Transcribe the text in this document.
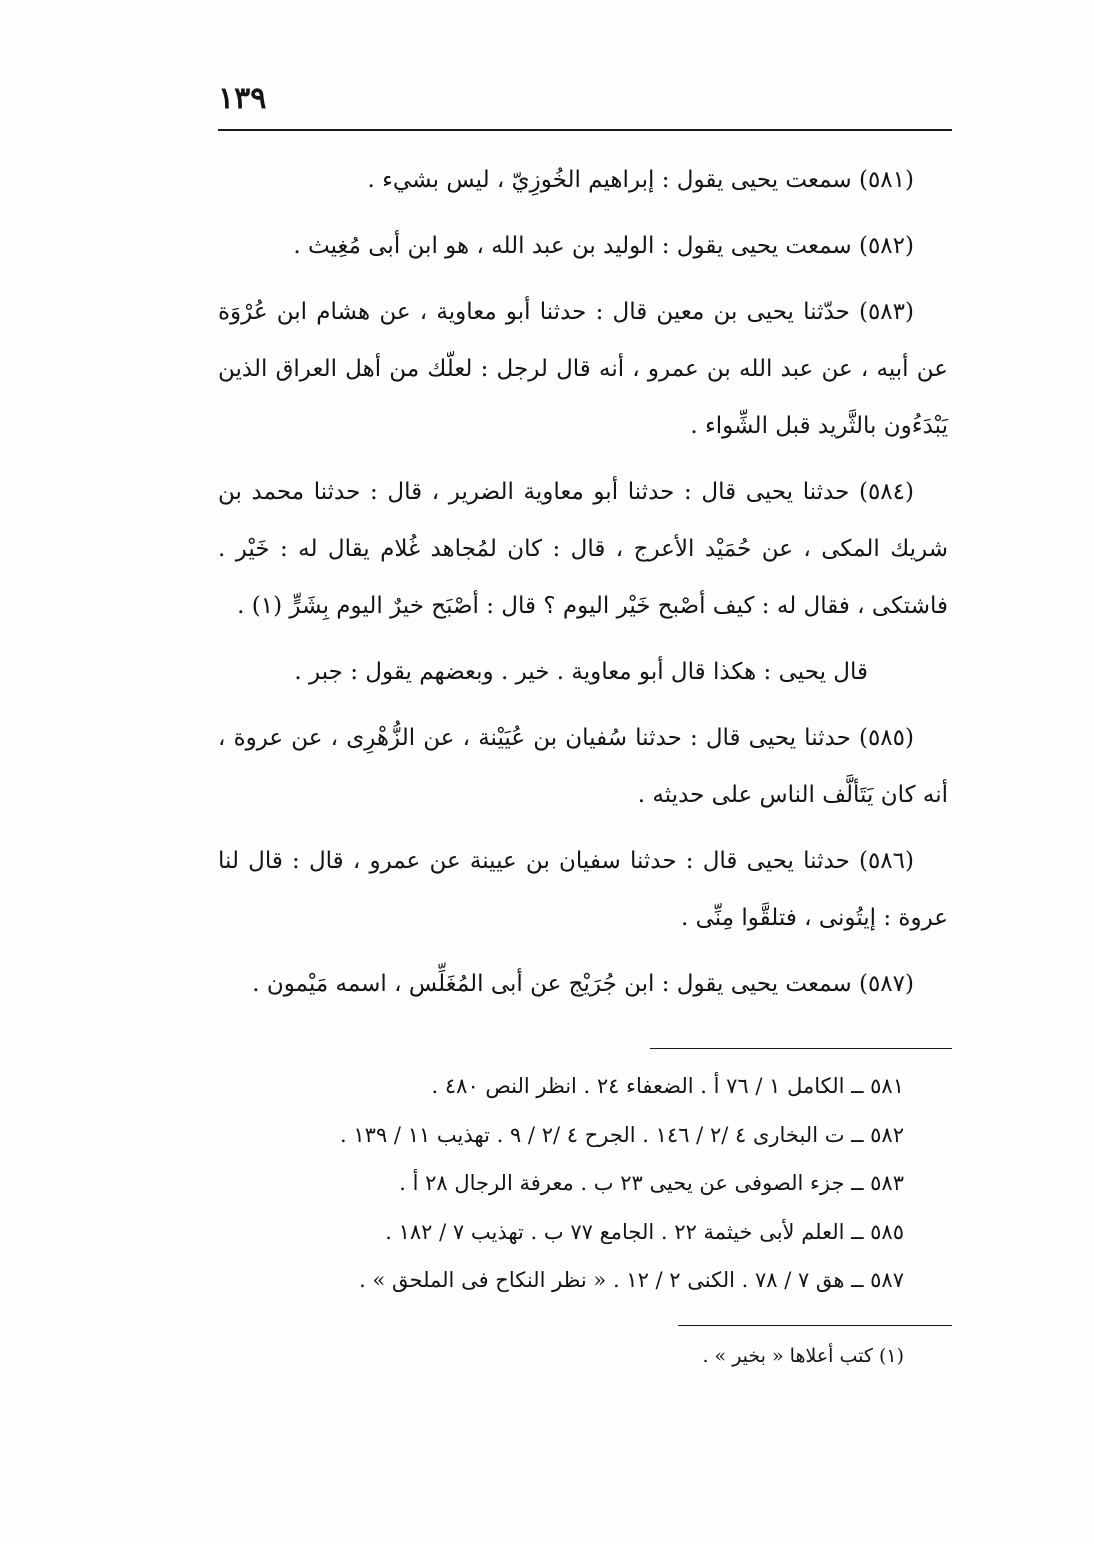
١٣٩

(٥٨١) سمعت يحيى يقول : إبراهيم الخُوزِيّ ، ليس بشيء .

(٥٨٢) سمعت يحيى يقول : الوليد بن عبد الله ، هو ابن أبى مُغِيث .

(٥٨٣) حدّثنا يحيى بن معين قال : حدثنا أبو معاوية ، عن هشام ابن عُرْوَة عن أبيه ، عن عبد الله بن عمرو ، أنه قال لرجل : لعلّك من أهل العراق الذين يَبْدَءُون بالثَّريد قبل الشِّواء .

(٥٨٤) حدثنا يحيى قال : حدثنا أبو معاوية الضرير ، قال : حدثنا محمد بن شريك المكى ، عن حُمَيْد الأعرج ، قال : كان لمُجاهد غُلام يقال له : خَيْر . فاشتكى ، فقال له : كيف أصْبح خَيْر اليوم ؟ قال : أصْبَح خيرٌ اليوم بِشَرٍّ (١) .

قال يحيى : هكذا قال أبو معاوية . خير . وبعضهم يقول : جبر .

(٥٨٥) حدثنا يحيى قال : حدثنا سُفيان بن عُيَيْنة ، عن الزُّهْرِى ، عن عروة ، أنه كان يَتَألَّف الناس على حديثه .

(٥٨٦) حدثنا يحيى قال : حدثنا سفيان بن عيينة عن عمرو ، قال : قال لنا عروة : إيتُونى ، فتلقَّوا مِنِّى .

(٥٨٧) سمعت يحيى يقول : ابن جُرَيْج عن أبى المُغَلِّس ، اسمه مَيْمون .

٥٨١ ــ الكامل ١ / ٧٦ أ . الضعفاء ٢٤ . انظر النص ٤٨٠ .
٥٨٢ ــ ت البخارى ٤ /٢ / ١٤٦ . الجرح ٤ /٢ / ٩ . تهذيب ١١ / ١٣٩ .
٥٨٣ ــ جزء الصوفى عن يحيى ٢٣ ب . معرفة الرجال ٢٨ أ .
٥٨٥ ــ العلم لأبى خيثمة ٢٢ . الجامع ٧٧ ب . تهذيب ٧ / ١٨٢ .
٥٨٧ ــ هق ٧ / ٧٨ . الكنى ٢ / ١٢ . « نظر النكاح فى الملحق » .
(١) كتب أعلاها « بخير » .
